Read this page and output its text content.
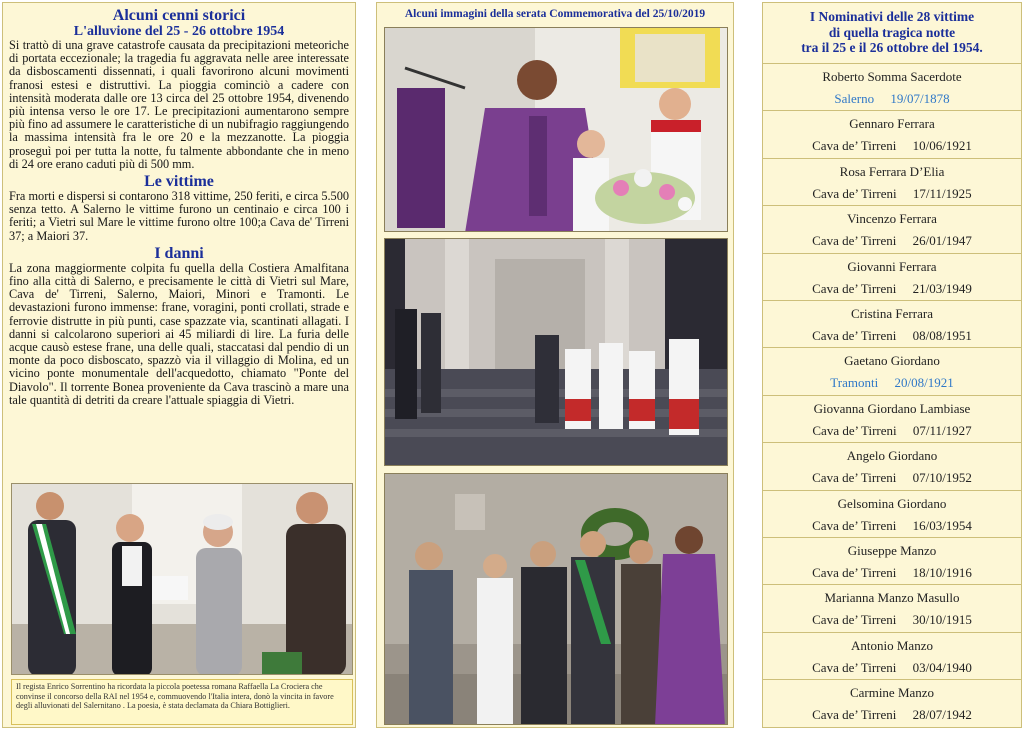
Alcuni cenni storici
L'alluvione del 25 - 26 ottobre 1954

Si trattò di una grave catastrofe causata da precipitazioni meteoriche di portata eccezionale; la tragedia fu aggravata nelle aree interessate da disboscamenti dissennati, i quali favorirono alcuni movimenti franosi estesi e distruttivi. La pioggia cominciò a cadere con intensità moderata dalle ore 13 circa del 25 ottobre 1954, divenendo più intensa verso le ore 17. Le precipitazioni aumentarono sempre più fino ad assumere le caratteristiche di un nubifragio raggiungendo la massima intensità fra le ore 20 e la mezzanotte. La pioggia proseguì poi per tutta la notte, fu talmente abbondante che in meno di 24 ore erano caduti più di 500 mm.

Le vittime

Fra morti e dispersi si contarono 318 vittime, 250 feriti, e circa 5.500 senza tetto. A Salerno le vittime furono un centinaio e circa 100 i feriti; a Vietri sul Mare le vittime furono oltre 100;a Cava de' Tirreni 37; a Maiori 37.

I danni

La zona maggiormente colpita fu quella della Costiera Amalfitana fino alla città di Salerno, e precisamente le città di Vietri sul Mare, Cava de' Tirreni, Salerno, Maiori, Minori e Tramonti. Le devastazioni furono immense: frane, voragini, ponti crollati, strade e ferrovie distrutte in più punti, case spazzate via, scantinati allagati. I danni si calcolarono superiori ai 45 miliardi di lire. La furia delle acque causò estese frane, una delle quali, staccatasi dal pendio di un monte da poco disboscato, spazzò via il villaggio di Molina, ed un vicino ponte monumentale dell'acquedotto, chiamato "Ponte del Diavolo". Il torrente Bonea proveniente da Cava trascinò a mare una tale quantità di detriti da creare l'attuale spiaggia di Vietri.

Il regista Enrico Sorrentino ha ricordata la piccola poetessa romana Raffaella La Crociera che convinse il concorso della RAI nel 1954 e, commuovendo l'Italia intera, donò la vincita in favore degli alluvionati del Salernitano . La poesia, è stata declamata da Chiara Bottiglieri.
Alcuni immagini della serata Commemorativa del 25/10/2019	I Nominativi delle 28 vittime
di quella tragica notte
tra il 25 e il 26 ottobre del 1954.
Roberto Somma Sacerdote
Salerno 19/07/1878
Gennaro Ferrara
Cava de’ Tirreni 10/06/1921
Rosa Ferrara D’Elia
Cava de’ Tirreni 17/11/1925
Vincenzo Ferrara
Cava de’ Tirreni 26/01/1947
Giovanni Ferrara
Cava de’ Tirreni 21/03/1949
Cristina Ferrara
Cava de’ Tirreni 08/08/1951
Gaetano Giordano
Tramonti 20/08/1921
Giovanna Giordano Lambiase
Cava de’ Tirreni 07/11/1927
Angelo Giordano
Cava de’ Tirreni 07/10/1952
Gelsomina Giordano
Cava de’ Tirreni 16/03/1954
Giuseppe Manzo
Cava de’ Tirreni 18/10/1916
Marianna Manzo Masullo
Cava de’ Tirreni 30/10/1915
Antonio Manzo
Cava de’ Tirreni 03/04/1940
Carmine Manzo
Cava de’ Tirreni 28/07/1942
